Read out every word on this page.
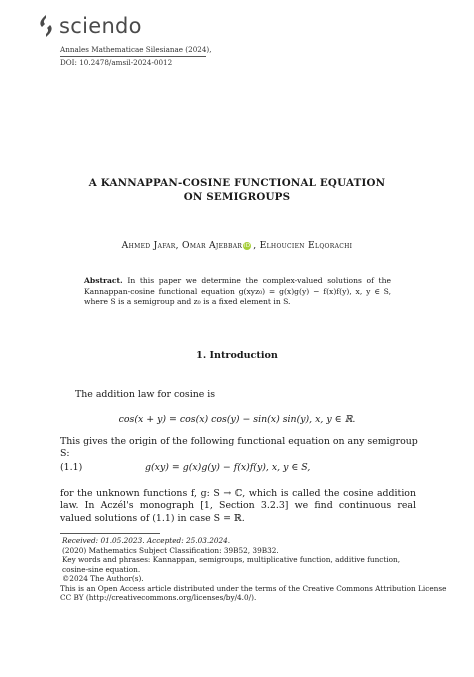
sciendo
Annales Mathematicae Silesianae (2024),
DOI: 10.2478/amsil-2024-0012
A KANNAPPAN-COSINE FUNCTIONAL EQUATION
ON SEMIGROUPS
Ahmed Jafar, Omar Ajebbar iD , Elhoucien Elqorachi
Abstract. In this paper we determine the complex-valued solutions of the Kannappan-cosine functional equation g(xyz₀) = g(x)g(y) − f(x)f(y), x, y ∈ S, where S is a semigroup and z₀ is a fixed element in S.
1. Introduction
The addition law for cosine is
cos(x + y) = cos(x) cos(y) − sin(x) sin(y), x, y ∈ ℝ.
This gives the origin of the following functional equation on any semigroup S:
(1.1)	g(xy) = g(x)g(y) − f(x)f(y), x, y ∈ S,
for the unknown functions f, g: S → ℂ, which is called the cosine addition law. In Aczél's monograph [1, Section 3.2.3] we find continuous real valued solutions of (1.1) in case S = ℝ.
Received: 01.05.2023. Accepted: 25.03.2024.
(2020) Mathematics Subject Classification: 39B52, 39B32.
Key words and phrases: Kannappan, semigroups, multiplicative function, additive function, cosine-sine equation.
©2024 The Author(s).
This is an Open Access article distributed under the terms of the Creative Commons Attribution License
CC BY (http://creativecommons.org/licenses/by/4.0/).
